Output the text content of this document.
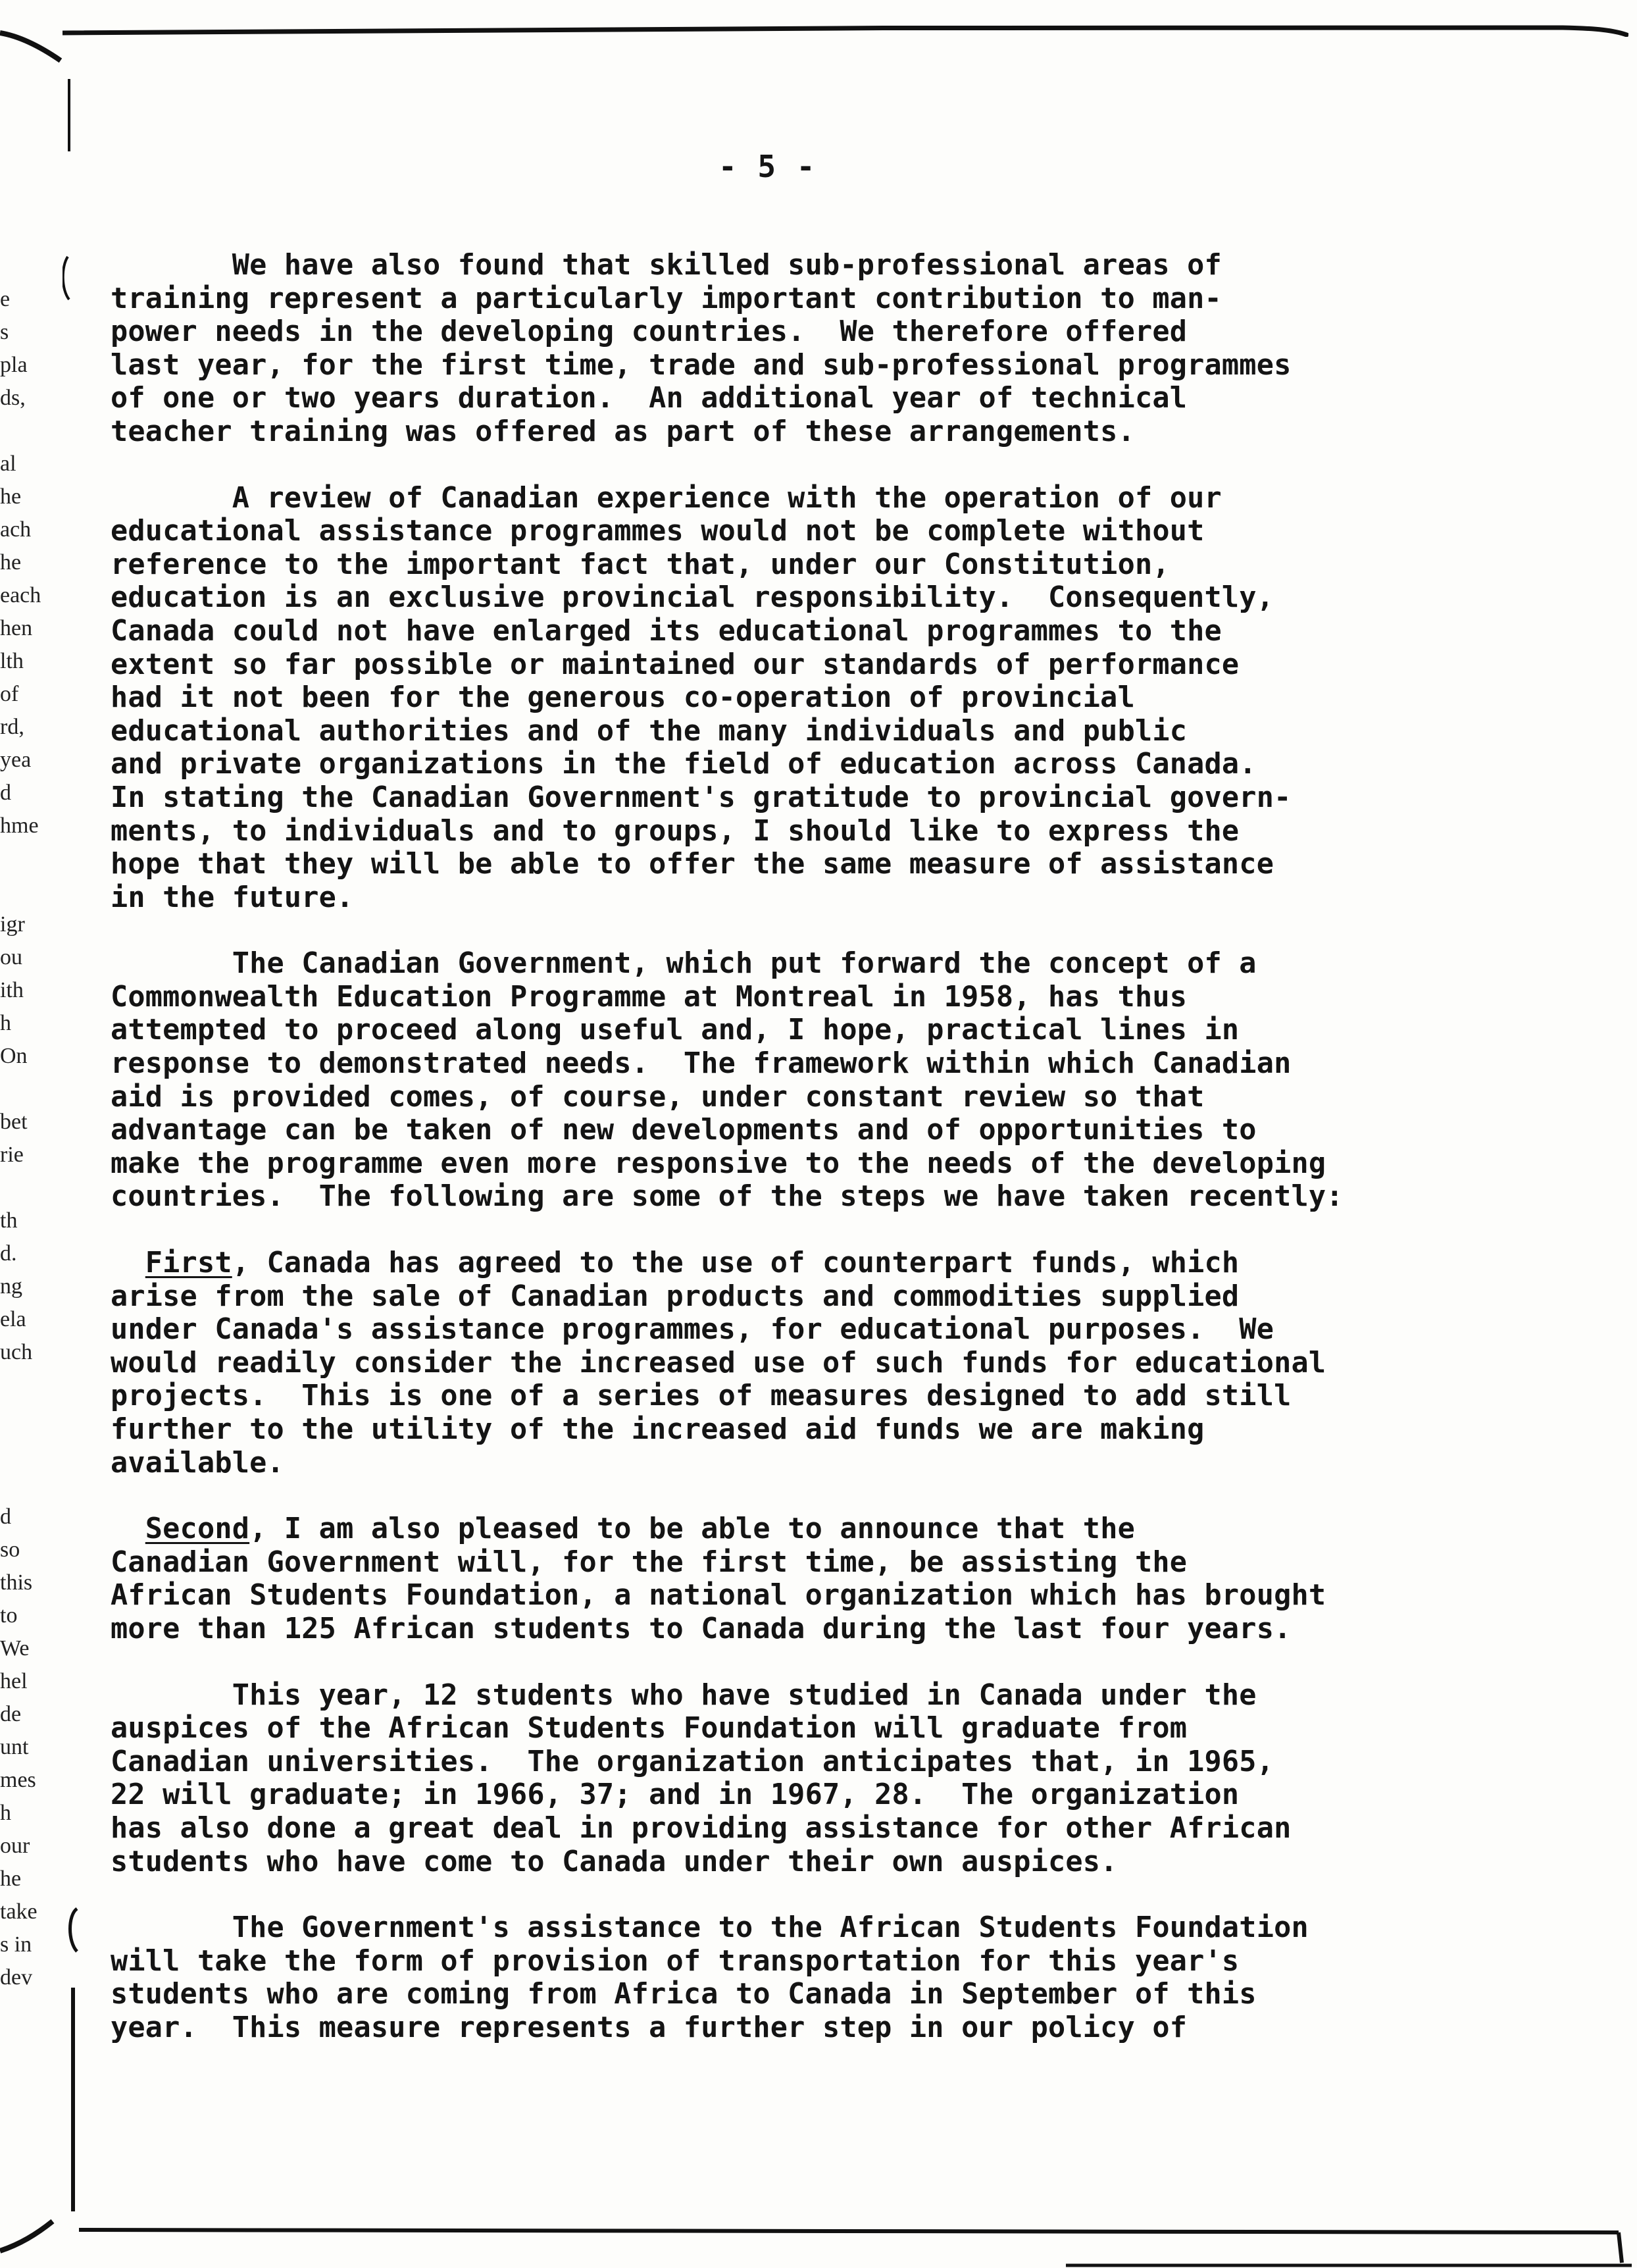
e
s
pla
ds,
al
he
ach
he
each
hen
lth
of
rd,
yea
d
hme
igr
ou
ith
h
On
bet
rie
th
d.
ng
ela
uch
d
so
this
to
We
hel
de
unt
mes
h
our
he
take
s in
dev
- 5 -
We have also found that skilled sub-professional areas of
training represent a particularly important contribution to man-
power needs in the developing countries.  We therefore offered
last year, for the first time, trade and sub-professional programmes
of one or two years duration.  An additional year of technical
teacher training was offered as part of these arrangements.
A review of Canadian experience with the operation of our
educational assistance programmes would not be complete without
reference to the important fact that, under our Constitution,
education is an exclusive provincial responsibility.  Consequently,
Canada could not have enlarged its educational programmes to the
extent so far possible or maintained our standards of performance
had it not been for the generous co-operation of provincial
educational authorities and of the many individuals and public
and private organizations in the field of education across Canada.
In stating the Canadian Government's gratitude to provincial govern-
ments, to individuals and to groups, I should like to express the
hope that they will be able to offer the same measure of assistance
in the future.
The Canadian Government, which put forward the concept of a
Commonwealth Education Programme at Montreal in 1958, has thus
attempted to proceed along useful and, I hope, practical lines in
response to demonstrated needs.  The framework within which Canadian
aid is provided comes, of course, under constant review so that
advantage can be taken of new developments and of opportunities to
make the programme even more responsive to the needs of the developing
countries.  The following are some of the steps we have taken recently:
First, Canada has agreed to the use of counterpart funds, which
arise from the sale of Canadian products and commodities supplied
under Canada's assistance programmes, for educational purposes.  We
would readily consider the increased use of such funds for educational
projects.  This is one of a series of measures designed to add still
further to the utility of the increased aid funds we are making
available.
Second, I am also pleased to be able to announce that the
Canadian Government will, for the first time, be assisting the
African Students Foundation, a national organization which has brought
more than 125 African students to Canada during the last four years.
This year, 12 students who have studied in Canada under the
auspices of the African Students Foundation will graduate from
Canadian universities.  The organization anticipates that, in 1965,
22 will graduate; in 1966, 37; and in 1967, 28.  The organization
has also done a great deal in providing assistance for other African
students who have come to Canada under their own auspices.
The Government's assistance to the African Students Foundation
will take the form of provision of transportation for this year's
students who are coming from Africa to Canada in September of this
year.  This measure represents a further step in our policy of
